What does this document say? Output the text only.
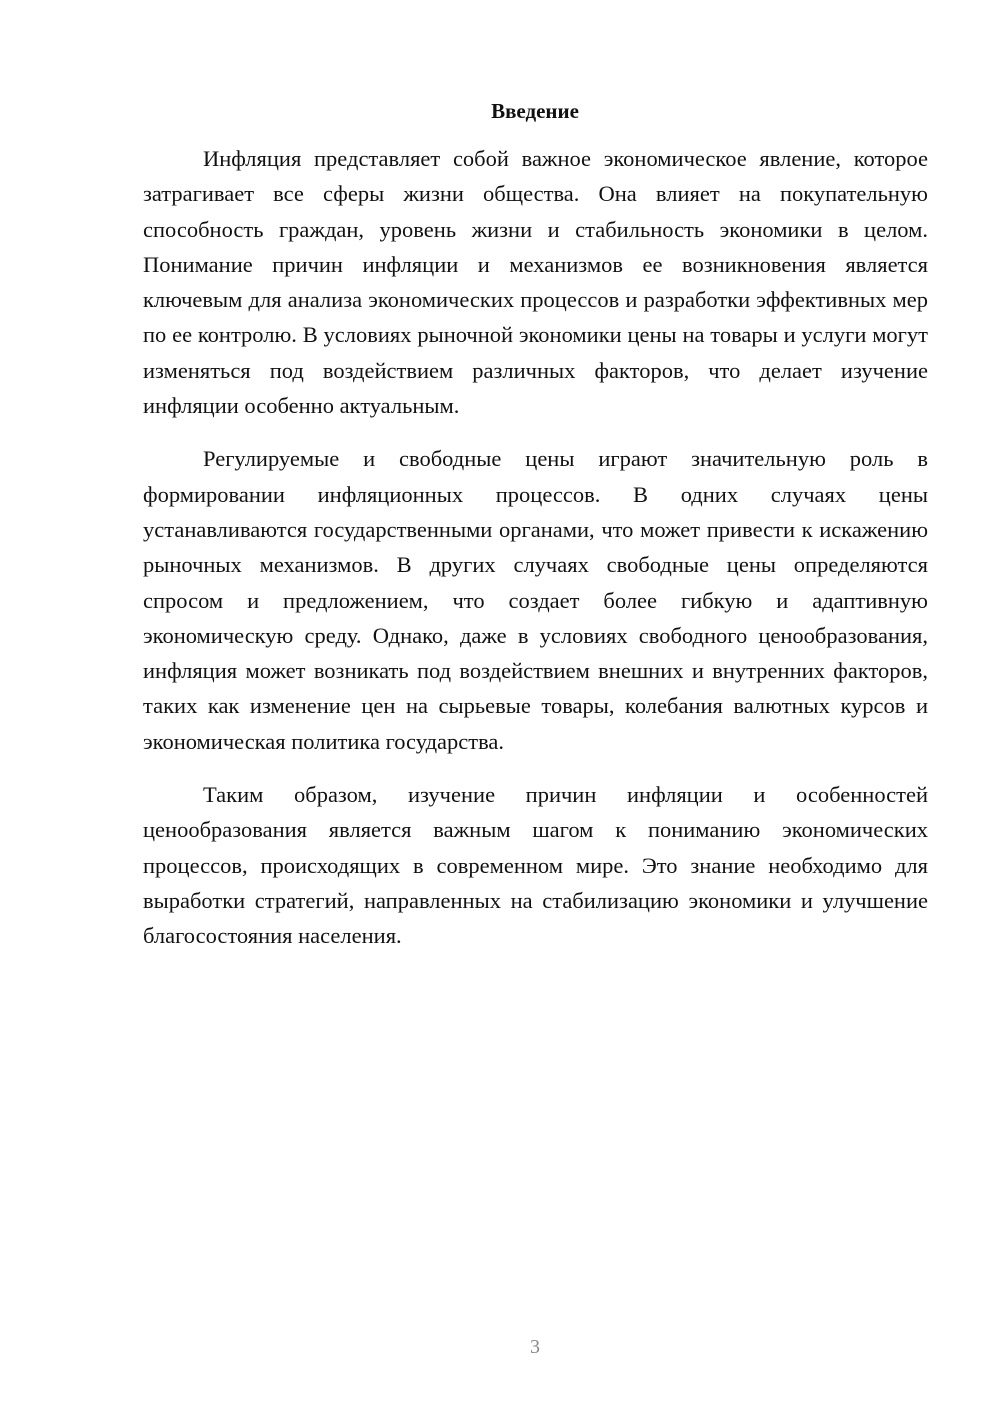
Введение

Инфляция представляет собой важное экономическое явление, которое затрагивает все сферы жизни общества. Она влияет на покупательную способность граждан, уровень жизни и стабильность экономики в целом. Понимание причин инфляции и механизмов ее возникновения является ключевым для анализа экономических процессов и разработки эффективных мер по ее контролю. В условиях рыночной экономики цены на товары и услуги могут изменяться под воздействием различных факторов, что делает изучение инфляции особенно актуальным.

Регулируемые и свободные цены играют значительную роль в формировании инфляционных процессов. В одних случаях цены устанавливаются государственными органами, что может привести к искажению рыночных механизмов. В других случаях свободные цены определяются спросом и предложением, что создает более гибкую и адаптивную экономическую среду. Однако, даже в условиях свободного ценообразования, инфляция может возникать под воздействием внешних и внутренних факторов, таких как изменение цен на сырьевые товары, колебания валютных курсов и экономическая политика государства.

Таким образом, изучение причин инфляции и особенностей ценообразования является важным шагом к пониманию экономических процессов, происходящих в современном мире. Это знание необходимо для выработки стратегий, направленных на стабилизацию экономики и улучшение благосостояния населения.

3
